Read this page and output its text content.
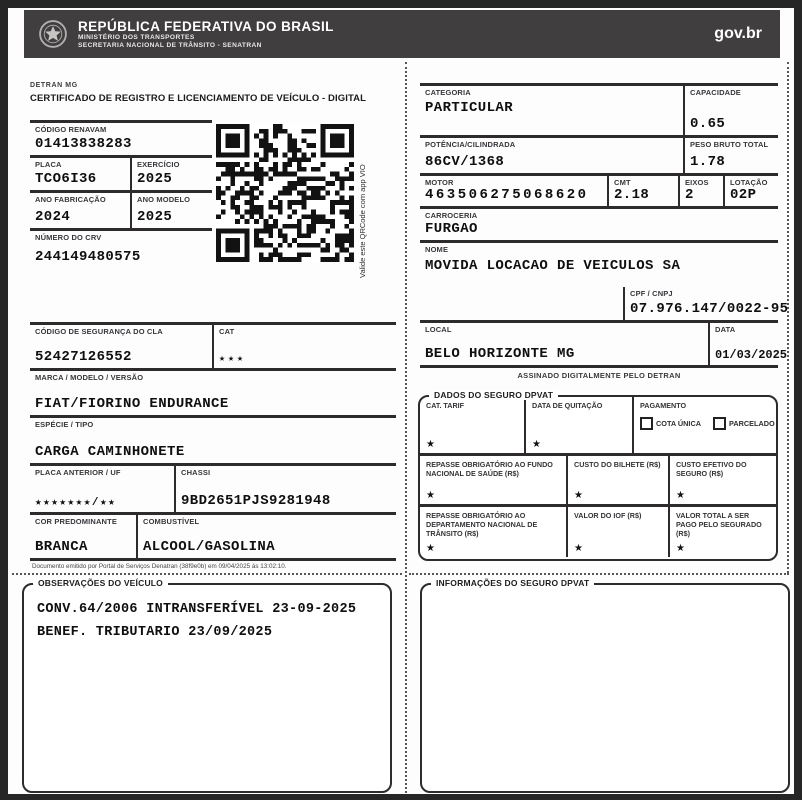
REPÚBLICA FEDERATIVA DO BRASIL
MINISTÉRIO DOS TRANSPORTES
SECRETARIA NACIONAL DE TRÂNSITO - SENATRAN
gov.br
DETRAN MG
CERTIFICADO DE REGISTRO E LICENCIAMENTO DE VEÍCULO - DIGITAL
CÓDIGO RENAVAM
01413838283
PLACA
TCO6I36
EXERCÍCIO
2025
ANO FABRICAÇÃO
2024
ANO MODELO
2025
NÚMERO DO CRV
244149480575	Valide este QRCode com app VIO
CÓDIGO DE SEGURANÇA DO CLA
52427126552
CAT
★★★
MARCA / MODELO / VERSÃO
FIAT/FIORINO ENDURANCE
ESPÉCIE / TIPO
CARGA CAMINHONETE
PLACA ANTERIOR / UF
★★★★★★★/★★
CHASSI
9BD2651PJS9281948
COR PREDOMINANTE
BRANCA
COMBUSTÍVEL
ALCOOL/GASOLINA
Documento emitido por Portal de Serviços Denatran (38f9e0b) em 09/04/2025 às 13:02:10.
CATEGORIA
PARTICULAR
CAPACIDADE
0.65
POTÊNCIA/CILINDRADA
86CV/1368
PESO BRUTO TOTAL
1.78
MOTOR
463506275068620
CMT
2.18
EIXOS
2
LOTAÇÃO
02P
CARROCERIA
FURGAO
NOME
MOVIDA LOCACAO DE VEICULOS SA
CPF / CNPJ
07.976.147/0022-95
LOCAL
BELO HORIZONTE MG
DATA
01/03/2025
ASSINADO DIGITALMENTE PELO DETRAN
DADOS DO SEGURO DPVAT
CAT. TARIF
★
DATA DE QUITAÇÃO
★
PAGAMENTO
COTA ÚNICA	PARCELADO
REPASSE OBRIGATÓRIO AO FUNDO NACIONAL DE SAÚDE (R$)
★
CUSTO DO BILHETE (R$)
★
CUSTO EFETIVO DO SEGURO (R$)
★
REPASSE OBRIGATÓRIO AO DEPARTAMENTO NACIONAL DE TRÂNSITO (R$)
★
VALOR DO IOF (R$)
★
VALOR TOTAL A SER PAGO PELO SEGURADO (R$)
★
OBSERVAÇÕES DO VEÍCULO
CONV.64/2006 INTRANSFERÍVEL 23-09-2025
BENEF. TRIBUTARIO 23/09/2025
INFORMAÇÕES DO SEGURO DPVAT
